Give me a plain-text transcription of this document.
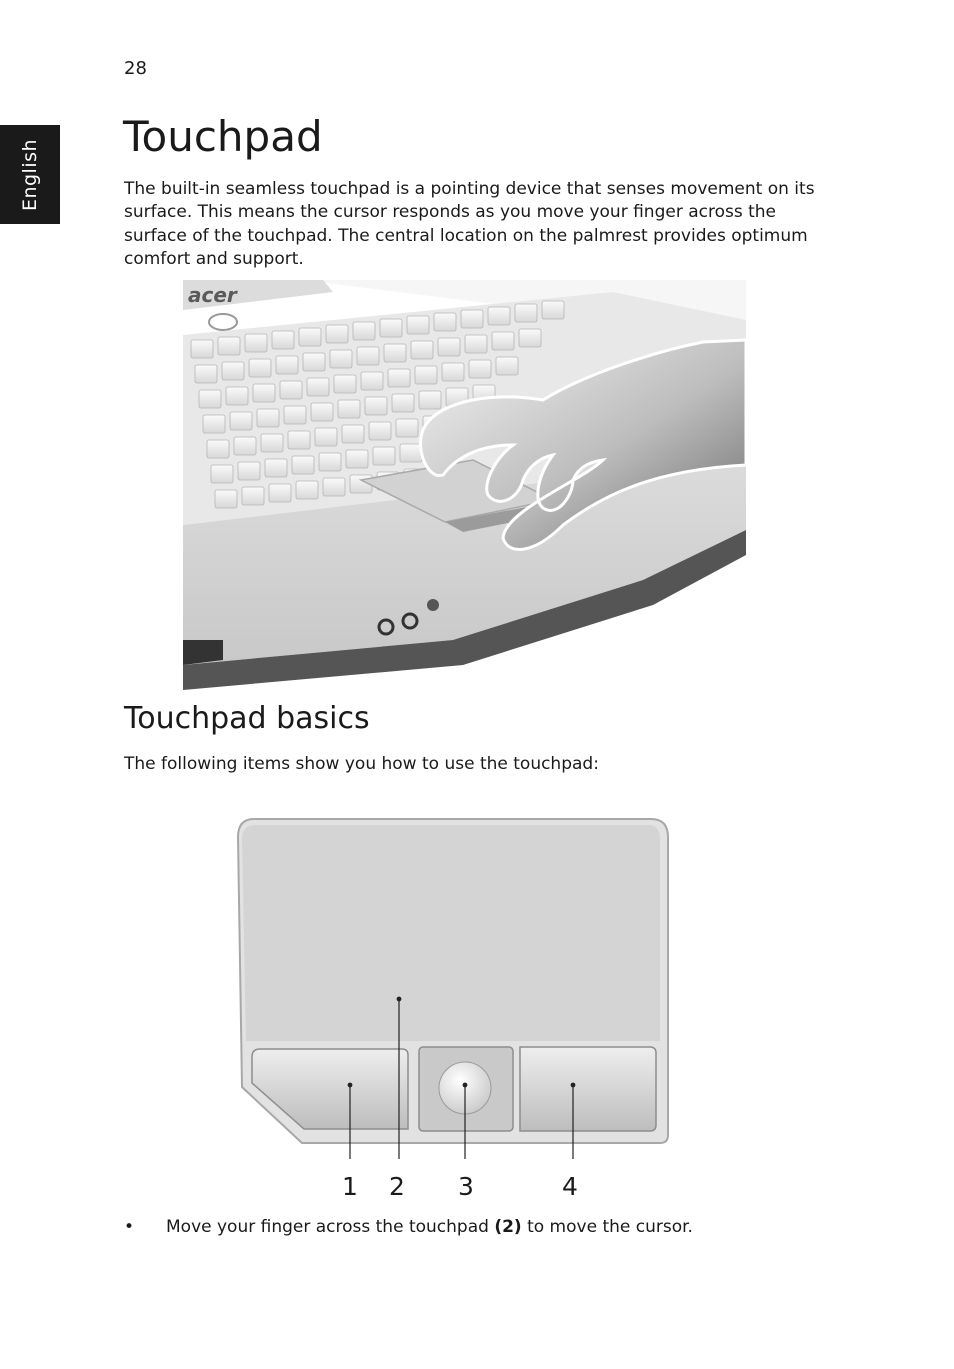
28
English
Touchpad

The built-in seamless touchpad is a pointing device that senses movement on its surface. This means the cursor responds as you move your finger across the surface of the touchpad. The central location on the palmrest provides optimum comfort and support.

acer
Touchpad basics

The following items show you how to use the touchpad:

1 2 3	4
• Move your finger across the touchpad (2) to move the cursor.
